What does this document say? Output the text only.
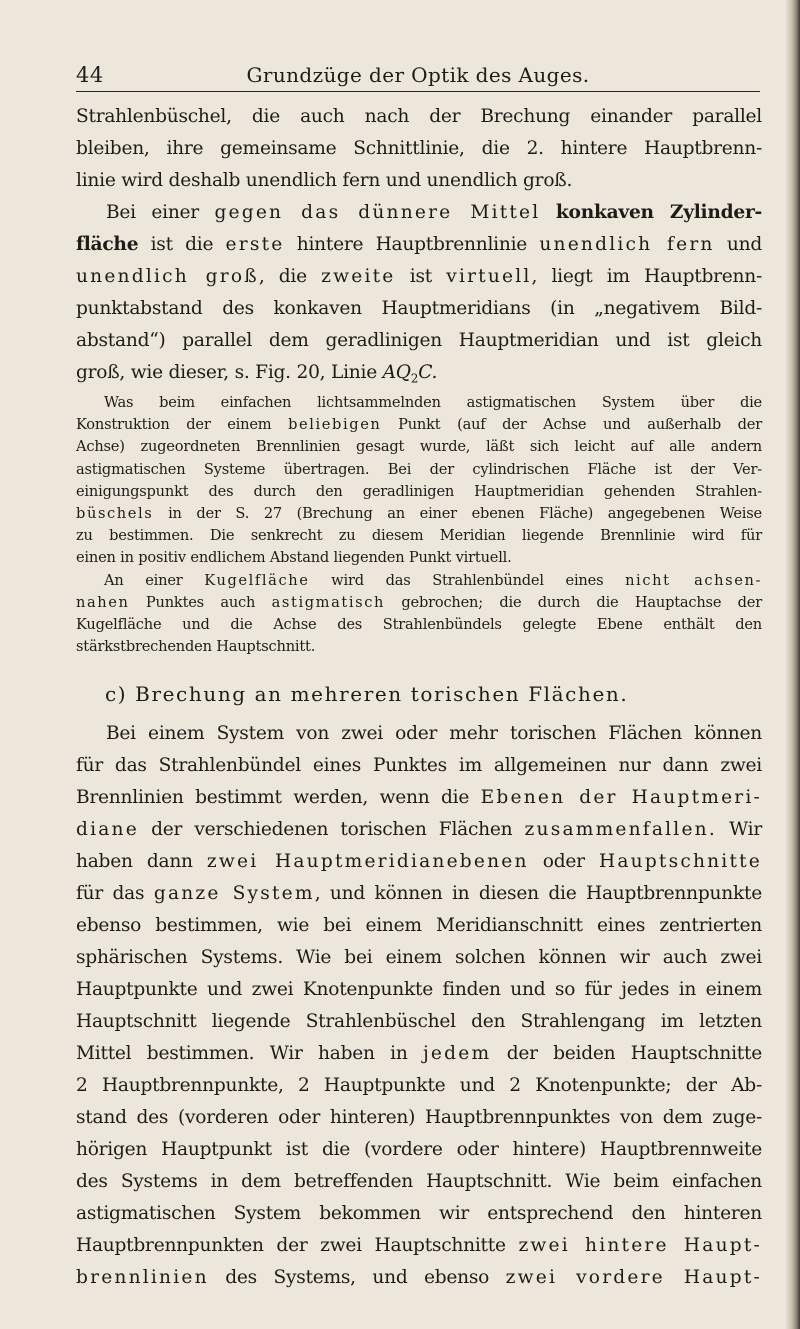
44	Grundzüge der Optik des Auges.
Strahlenbüschel, die auch nach der Brechung einander parallel
bleiben, ihre gemeinsame Schnittlinie, die 2. hintere Hauptbrenn-
linie wird deshalb unendlich fern und unendlich groß.
Bei einer gegen das dünnere Mittel konkaven Zylinder-
fläche ist die erste hintere Hauptbrennlinie unendlich fern und
unendlich groß, die zweite ist virtuell, liegt im Hauptbrenn-
punktabstand des konkaven Hauptmeridians (in „negativem Bild-
abstand“) parallel dem geradlinigen Hauptmeridian und ist gleich
groß, wie dieser, s. Fig. 20, Linie $AQ_2C$.
Was beim einfachen lichtsammelnden astigmatischen System über die
Konstruktion der einem beliebigen Punkt (auf der Achse und außerhalb der
Achse) zugeordneten Brennlinien gesagt wurde, läßt sich leicht auf alle andern
astigmatischen Systeme übertragen. Bei der cylindrischen Fläche ist der Ver-
einigungspunkt des durch den geradlinigen Hauptmeridian gehenden Strahlen-
büschels in der S. 27 (Brechung an einer ebenen Fläche) angegebenen Weise
zu bestimmen. Die senkrecht zu diesem Meridian liegende Brennlinie wird für
einen in positiv endlichem Abstand liegenden Punkt virtuell.
An einer Kugelfläche wird das Strahlenbündel eines nicht achsen-
nahen Punktes auch astigmatisch gebrochen; die durch die Hauptachse der
Kugelfläche und die Achse des Strahlenbündels gelegte Ebene enthält den
stärkstbrechenden Hauptschnitt.
c) Brechung an mehreren torischen Flächen.
Bei einem System von zwei oder mehr torischen Flächen können
für das Strahlenbündel eines Punktes im allgemeinen nur dann zwei
Brennlinien bestimmt werden, wenn die Ebenen der Hauptmeri-
diane der verschiedenen torischen Flächen zusammenfallen. Wir
haben dann zwei Hauptmeridianebenen oder Hauptschnitte
für das ganze System, und können in diesen die Hauptbrennpunkte
ebenso bestimmen, wie bei einem Meridianschnitt eines zentrierten
sphärischen Systems. Wie bei einem solchen können wir auch zwei
Hauptpunkte und zwei Knotenpunkte finden und so für jedes in einem
Hauptschnitt liegende Strahlenbüschel den Strahlengang im letzten
Mittel bestimmen. Wir haben in jedem der beiden Hauptschnitte
2 Hauptbrennpunkte, 2 Hauptpunkte und 2 Knotenpunkte; der Ab-
stand des (vorderen oder hinteren) Hauptbrennpunktes von dem zuge-
hörigen Hauptpunkt ist die (vordere oder hintere) Hauptbrennweite
des Systems in dem betreffenden Hauptschnitt. Wie beim einfachen
astigmatischen System bekommen wir entsprechend den hinteren
Hauptbrennpunkten der zwei Hauptschnitte zwei hintere Haupt-
brennlinien des Systems, und ebenso zwei vordere Haupt-
